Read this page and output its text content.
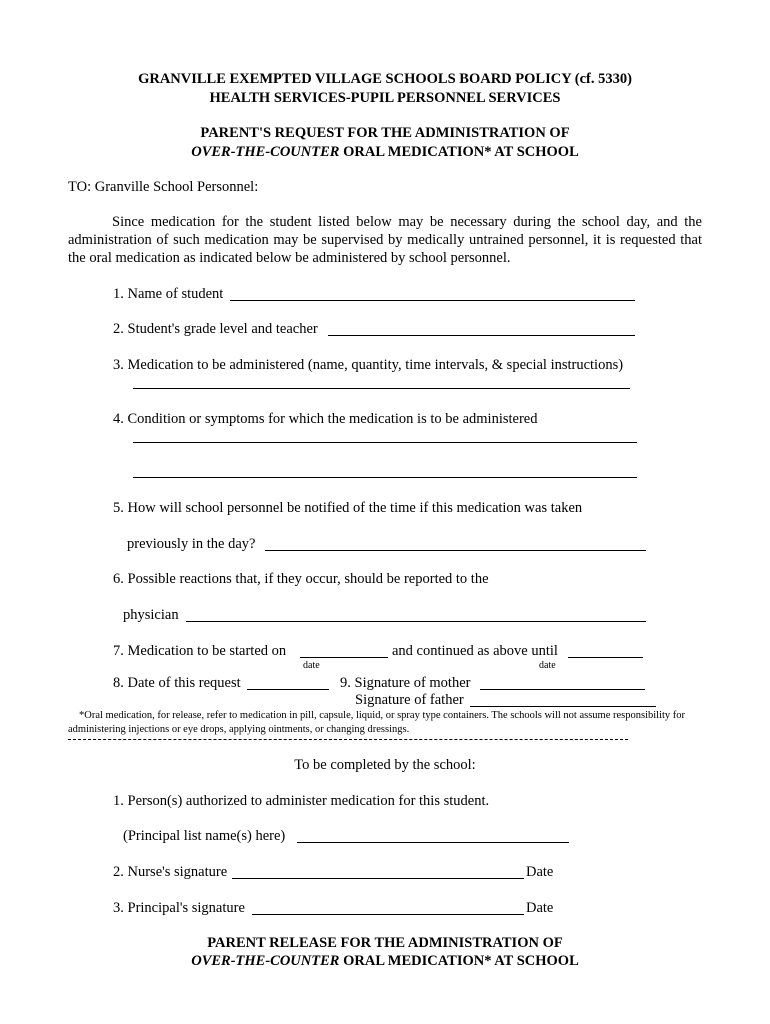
GRANVILLE EXEMPTED VILLAGE SCHOOLS BOARD POLICY (cf. 5330)
HEALTH SERVICES-PUPIL PERSONNEL SERVICES
PARENT'S REQUEST FOR THE ADMINISTRATION OF
OVER-THE-COUNTER ORAL MEDICATION* AT SCHOOL
TO: Granville School Personnel:
Since medication for the student listed below may be necessary during the school day, and the administration of such medication may be supervised by medically untrained personnel, it is requested that the oral medication as indicated below be administered by school personnel.
1. Name of student
2. Student's grade level and teacher
3. Medication to be administered (name, quantity, time intervals, & special instructions)
4. Condition or symptoms for which the medication is to be administered
5. How will school personnel be notified of the time if this medication was taken
previously in the day?
6. Possible reactions that, if they occur, should be reported to the
physician
7. Medication to be started on	and continued as above until
date	date
8. Date of this request	9. Signature of mother
Signature of father
*Oral medication, for release, refer to medication in pill, capsule, liquid, or spray type containers. The schools will not assume responsibility for administering injections or eye drops, applying ointments, or changing dressings.
To be completed by the school:
1. Person(s) authorized to administer medication for this student.
(Principal list name(s) here)
2. Nurse's signature	Date
3. Principal's signature	Date
PARENT RELEASE FOR THE ADMINISTRATION OF
OVER-THE-COUNTER ORAL MEDICATION* AT SCHOOL
